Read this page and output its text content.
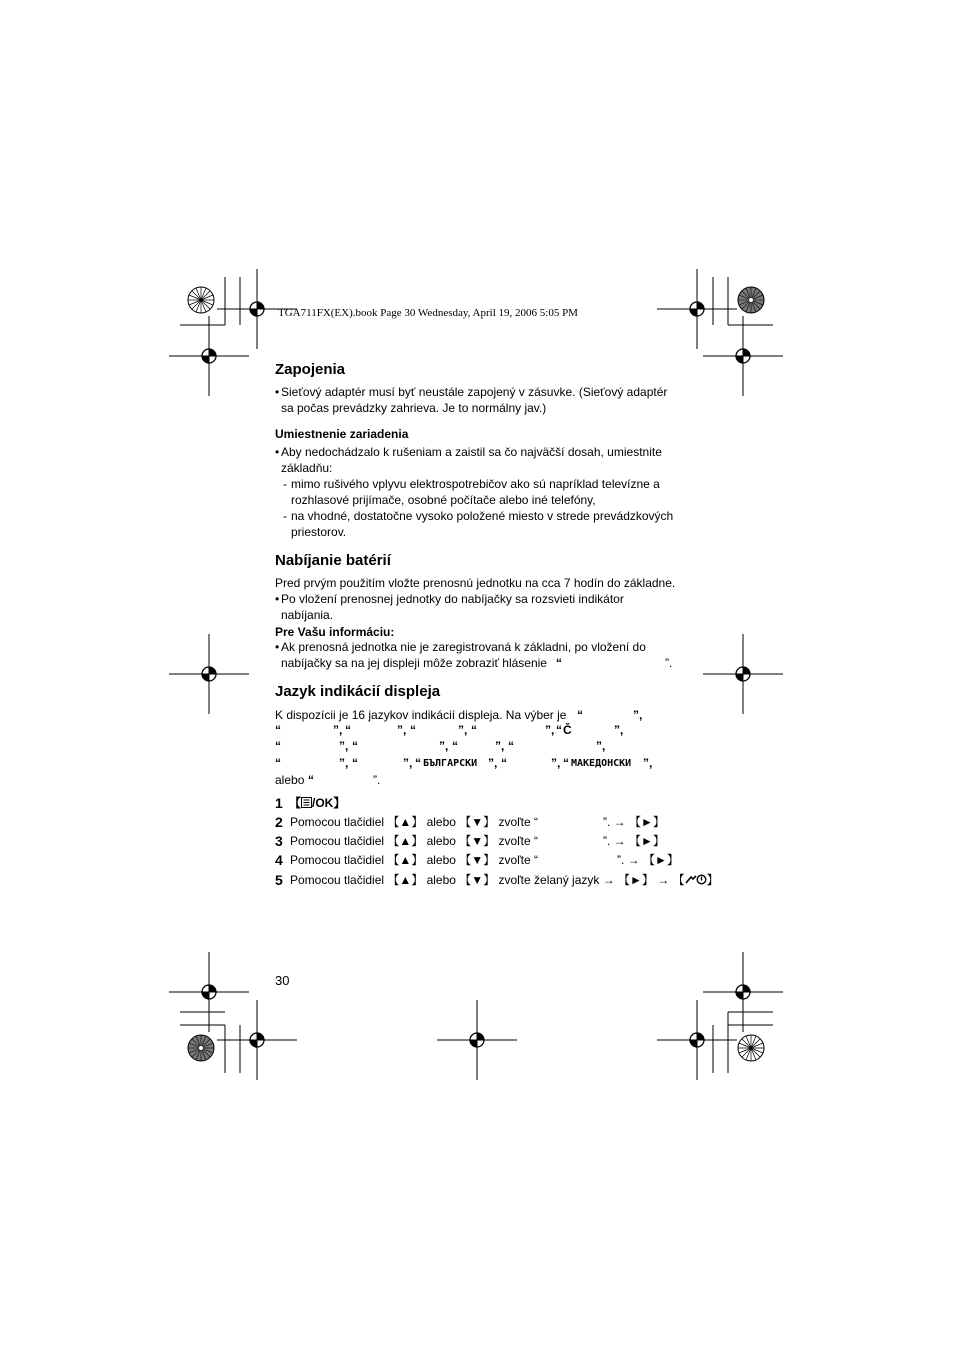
TGA711FX(EX).book Page 30 Wednesday, April 19, 2006 5:05 PM
Zapojenia
• Sieťový adaptér musí byť neustále zapojený v zásuvke. (Sieťový adaptér
sa počas prevádzky zahrieva. Je to normálny jav.)
Umiestnenie zariadenia
• Aby nedochádzalo k rušeniam a zaistil sa čo najväčší dosah, umiestnite
základňu:
- mimo rušivého vplyvu elektrospotrebičov ako sú napríklad televízne a
rozhlasové prijímače, osobné počítače alebo iné telefóny,
- na vhodné, dostatočne vysoko položené miesto v strede prevádzkových
priestorov.
Nabíjanie batérií
Pred prvým použitím vložte prenosnú jednotku na cca 7 hodín do základne.
• Po vložení prenosnej jednotky do nabíjačky sa rozsvieti indikátor
nabíjania.
Pre Vašu informáciu:
• Ak prenosná jednotka nie je zaregistrovaná k základni, po vložení do
nabíjačky sa na jej displeji môže zobraziť hlásenie “	”.
Jazyk indikácií displeja
K dispozícii je 16 jazykov indikácií displeja. Na výber je “	”,
“	”, “	”, “	”, “	”, “ Č	”,
“	”, “	”, “	”, “	”,
“	”, “	”, “ БЪЛГАРСКИ ”, “	”, “ МАКЕДОНСКИ ”,
alebo “	”.
1 【 /OK】
2 Pomocou tlačidiel 【▲】 alebo 【▼】 zvoľte “	”. → 【►】
3 Pomocou tlačidiel 【▲】 alebo 【▼】 zvoľte “	”. → 【►】
4 Pomocou tlačidiel 【▲】 alebo 【▼】 zvoľte “	”. → 【►】
5 Pomocou tlačidiel 【▲】 alebo 【▼】 zvoľte želaný jazyk → 【►】 → 【 】
30
